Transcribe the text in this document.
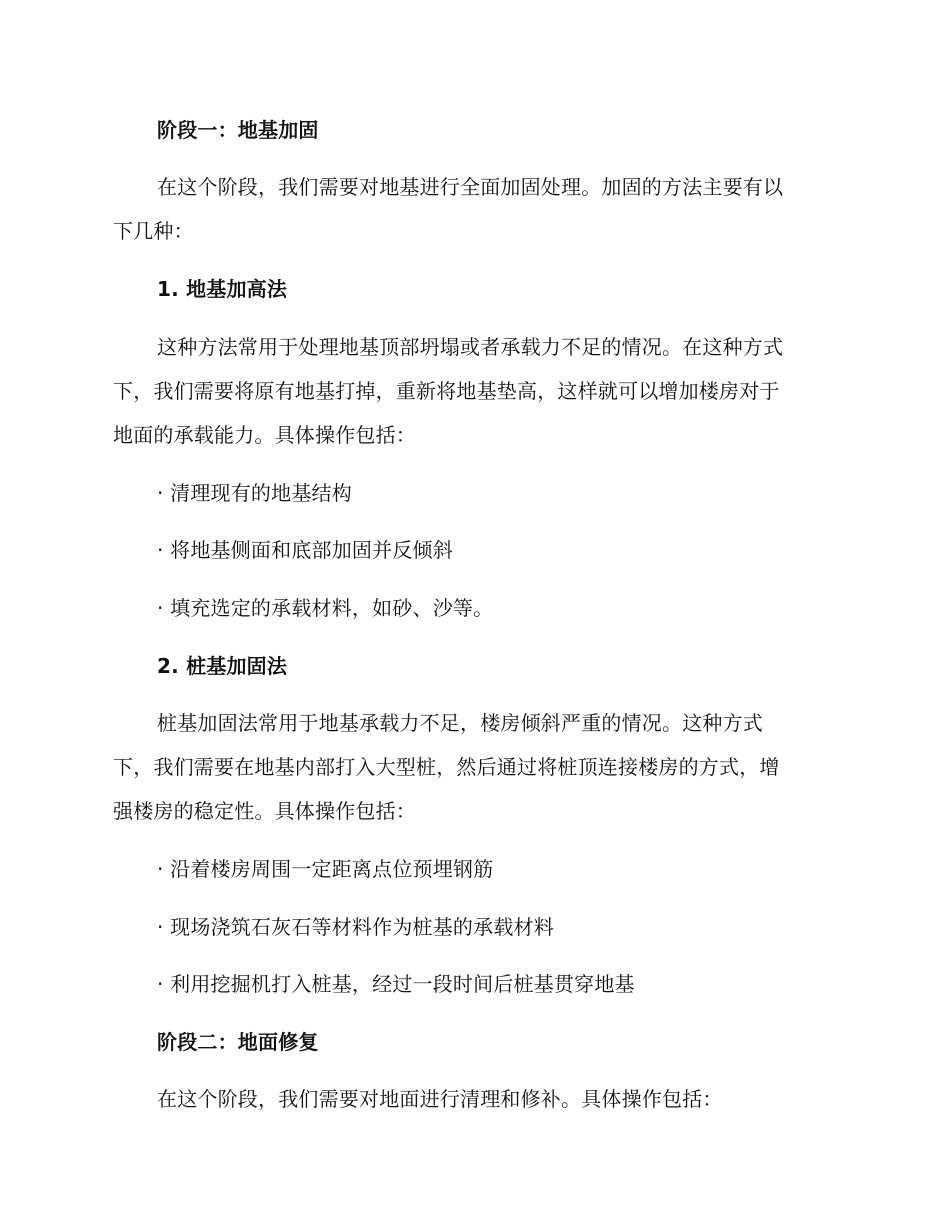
阶段一：地基加固
在这个阶段，我们需要对地基进行全面加固处理。加固的方法主要有以
下几种：
1. 地基加高法
这种方法常用于处理地基顶部坍塌或者承载力不足的情况。在这种方式
下，我们需要将原有地基打掉，重新将地基垫高，这样就可以增加楼房对于
地面的承载能力。具体操作包括：
· 清理现有的地基结构
· 将地基侧面和底部加固并反倾斜
· 填充选定的承载材料，如砂、沙等。
2. 桩基加固法
桩基加固法常用于地基承载力不足，楼房倾斜严重的情况。这种方式
下，我们需要在地基内部打入大型桩，然后通过将桩顶连接楼房的方式，增
强楼房的稳定性。具体操作包括：
· 沿着楼房周围一定距离点位预埋钢筋
· 现场浇筑石灰石等材料作为桩基的承载材料
· 利用挖掘机打入桩基，经过一段时间后桩基贯穿地基
阶段二：地面修复
在这个阶段，我们需要对地面进行清理和修补。具体操作包括：
